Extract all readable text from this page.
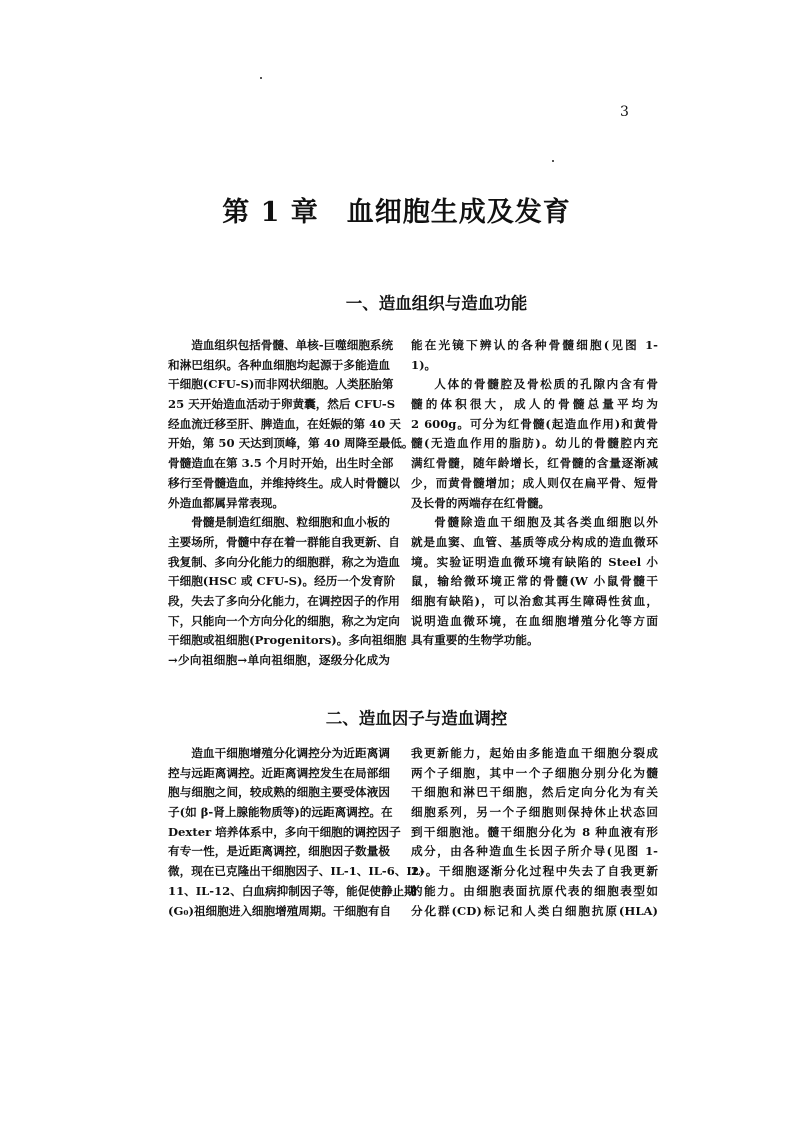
3
第 1 章　血细胞生成及发育
一、造血组织与造血功能
造血组织包括骨髓、单核-巨噬细胞系统
和淋巴组织。各种血细胞均起源于多能造血
干细胞(CFU-S)而非网状细胞。人类胚胎第
25 天开始造血活动于卵黄囊，然后 CFU-S
经血流迁移至肝、脾造血，在妊娠的第 40 天
开始，第 50 天达到顶峰，第 40 周降至最低。
骨髓造血在第 3.5 个月时开始，出生时全部
移行至骨髓造血，并维持终生。成人时骨髓以
外造血都属异常表现。
骨髓是制造红细胞、粒细胞和血小板的
主要场所，骨髓中存在着一群能自我更新、自
我复制、多向分化能力的细胞群，称之为造血
干细胞(HSC 或 CFU-S)。经历一个发育阶
段，失去了多向分化能力，在调控因子的作用
下，只能向一个方向分化的细胞，称之为定向
干细胞或祖细胞(Progenitors)。多向祖细胞
→少向祖细胞→单向祖细胞，逐级分化成为
能在光镜下辨认的各种骨髓细胞(见图 1-
1)。
人体的骨髓腔及骨松质的孔隙内含有骨
髓的体积很大，成人的骨髓总量平均为
2 600g。可分为红骨髓(起造血作用)和黄骨
髓(无造血作用的脂肪)。幼儿的骨髓腔内充
满红骨髓，随年龄增长，红骨髓的含量逐渐减
少，而黄骨髓增加；成人则仅在扁平骨、短骨
及长骨的两端存在红骨髓。
骨髓除造血干细胞及其各类血细胞以外
就是血窦、血管、基质等成分构成的造血微环
境。实验证明造血微环境有缺陷的 Steel 小
鼠，输给微环境正常的骨髓(W 小鼠骨髓干
细胞有缺陷)，可以治愈其再生障碍性贫血，
说明造血微环境，在血细胞增殖分化等方面
具有重要的生物学功能。
二、造血因子与造血调控
造血干细胞增殖分化调控分为近距离调
控与远距离调控。近距离调控发生在局部细
胞与细胞之间，较成熟的细胞主要受体液因
子(如 β-肾上腺能物质等)的远距离调控。在
Dexter 培养体系中，多向干细胞的调控因子
有专一性，是近距离调控，细胞因子数量极
微，现在已克隆出干细胞因子、IL-1、IL-6、IL-
11、IL-12、白血病抑制因子等，能促使静止期
(G₀)祖细胞进入细胞增殖周期。干细胞有自
我更新能力，起始由多能造血干细胞分裂成
两个子细胞，其中一个子细胞分别分化为髓
干细胞和淋巴干细胞，然后定向分化为有关
细胞系列，另一个子细胞则保持休止状态回
到干细胞池。髓干细胞分化为 8 种血液有形
成分，由各种造血生长因子所介导(见图 1-
2)。干细胞逐渐分化过程中失去了自我更新
的能力。由细胞表面抗原代表的细胞表型如
分化群(CD)标记和人类白细胞抗原(HLA)
